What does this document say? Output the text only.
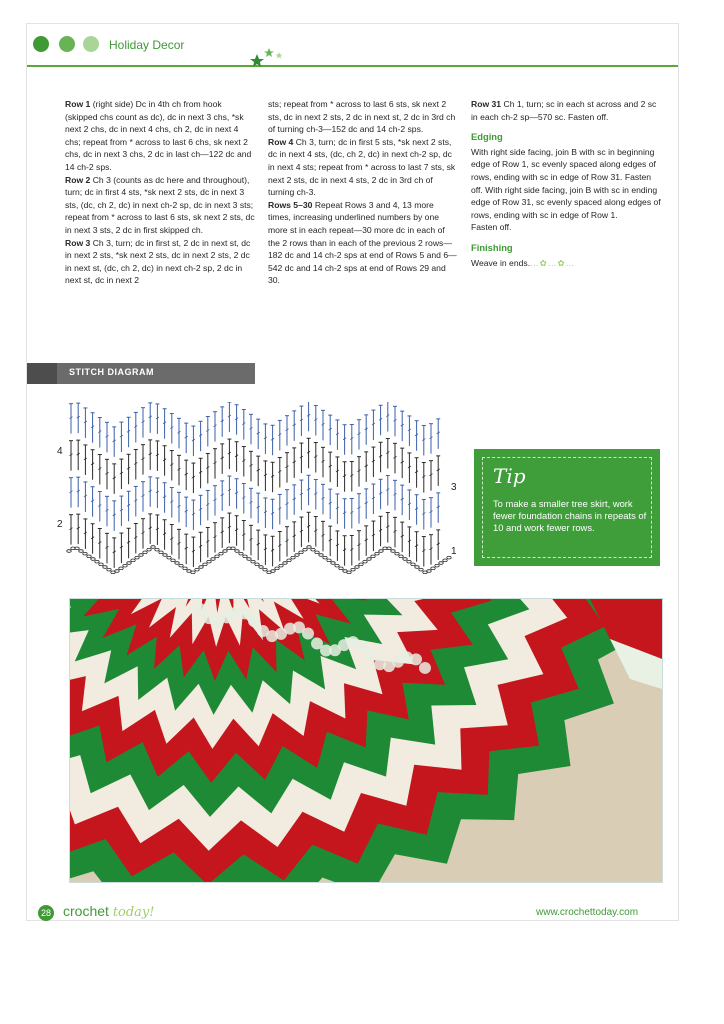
Holiday Decor

Row 1 (right side) Dc in 4th ch from hook (skipped chs count as dc), dc in next 3 chs, *sk next 2 chs, dc in next 4 chs, ch 2, dc in next 4 chs; repeat from * across to last 6 chs, sk next 2 chs, dc in next 3 chs, 2 dc in last ch—122 dc and 14 ch-2 sps.

Row 2 Ch 3 (counts as dc here and throughout), turn; dc in first 4 sts, *sk next 2 sts, dc in next 3 sts, (dc, ch 2, dc) in next ch-2 sp, dc in next 3 sts; repeat from * across to last 6 sts, sk next 2 sts, dc in next 3 sts, 2 dc in first skipped ch.

Row 3 Ch 3, turn; dc in first st, 2 dc in next st, dc in next 2 sts, *sk next 2 sts, dc in next 2 sts, 2 dc in next st, (dc, ch 2, dc) in next ch-2 sp, 2 dc in next st, dc in next 2

sts; repeat from * across to last 6 sts, sk next 2 sts, dc in next 2 sts, 2 dc in next st, 2 dc in 3rd ch of turning ch-3—152 dc and 14 ch-2 sps.

Row 4 Ch 3, turn; dc in first 5 sts, *sk next 2 sts, dc in next 4 sts, (dc, ch 2, dc) in next ch-2 sp, dc in next 4 sts; repeat from * across to last 7 sts, sk next 2 sts, dc in next 4 sts, 2 dc in 3rd ch of turning ch-3.

Rows 5–30 Repeat Rows 3 and 4, 13 more times, increasing underlined numbers by one more st in each repeat—30 more dc in each of the 2 rows than in each of the previous 2 rows—182 dc and 14 ch-2 sps at end of Rows 5 and 6—542 dc and 14 ch-2 sps at end of Rows 29 and 30.

Row 31 Ch 1, turn; sc in each st across and 2 sc in each ch-2 sp—570 sc. Fasten off.

Edging

With right side facing, join B with sc in beginning edge of Row 1, sc evenly spaced along edges of rows, ending with sc in edge of Row 31. Fasten off. With right side facing, join B with sc in ending edge of Row 31, sc evenly spaced along edges of rows, ending with sc in edge of Row 1.

Fasten off.

Finishing

Weave in ends.…✿…✿…

STITCH DIAGRAM
4
2
3
1
Tip
To make a smaller tree skirt, work fewer foundation chains in repeats of 10 and work fewer rows.
28 crochet today!	www.crochettoday.com
